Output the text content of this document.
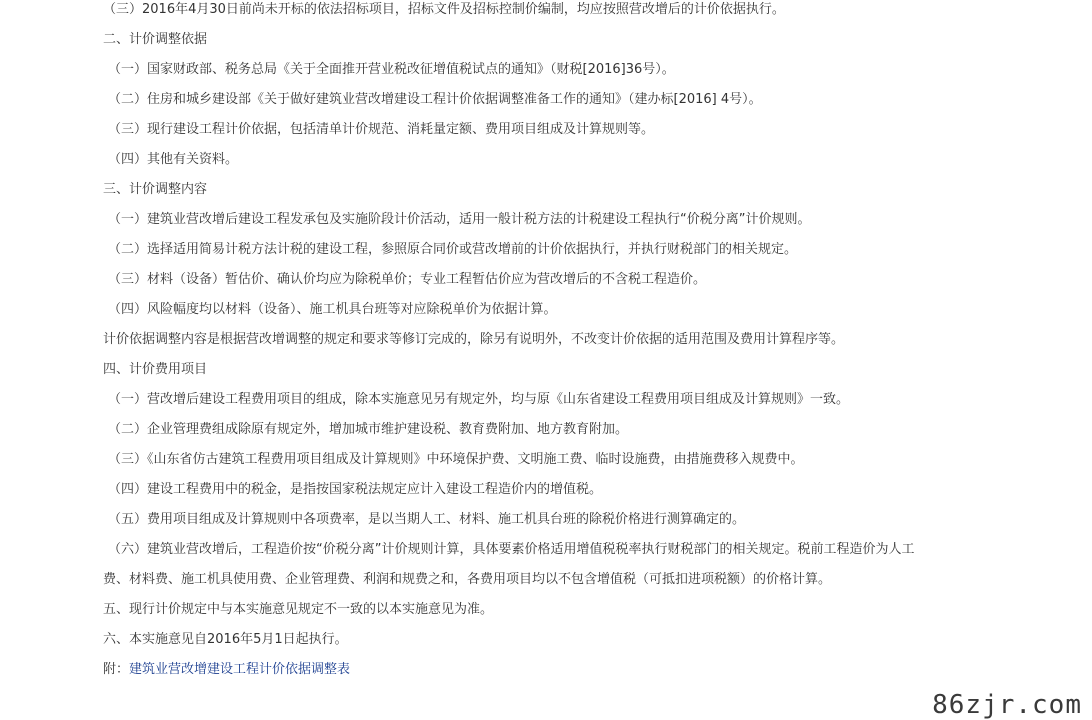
（三）2016年4月30日前尚未开标的依法招标项目，招标文件及招标控制价编制，均应按照营改增后的计价依据执行。
二、计价调整依据
（一）国家财政部、税务总局《关于全面推开营业税改征增值税试点的通知》（财税[2016]36号）。
（二）住房和城乡建设部《关于做好建筑业营改增建设工程计价依据调整准备工作的通知》（建办标[2016] 4号）。
（三）现行建设工程计价依据，包括清单计价规范、消耗量定额、费用项目组成及计算规则等。
（四）其他有关资料。
三、计价调整内容
（一）建筑业营改增后建设工程发承包及实施阶段计价活动，适用一般计税方法的计税建设工程执行“价税分离”计价规则。
（二）选择适用简易计税方法计税的建设工程，参照原合同价或营改增前的计价依据执行，并执行财税部门的相关规定。
（三）材料（设备）暂估价、确认价均应为除税单价；专业工程暂估价应为营改增后的不含税工程造价。
（四）风险幅度均以材料（设备）、施工机具台班等对应除税单价为依据计算。
计价依据调整内容是根据营改增调整的规定和要求等修订完成的，除另有说明外，不改变计价依据的适用范围及费用计算程序等。
四、计价费用项目
（一）营改增后建设工程费用项目的组成，除本实施意见另有规定外，均与原《山东省建设工程费用项目组成及计算规则》一致。
（二）企业管理费组成除原有规定外，增加城市维护建设税、教育费附加、地方教育附加。
（三）《山东省仿古建筑工程费用项目组成及计算规则》中环境保护费、文明施工费、临时设施费，由措施费移入规费中。
（四）建设工程费用中的税金，是指按国家税法规定应计入建设工程造价内的增值税。
（五）费用项目组成及计算规则中各项费率，是以当期人工、材料、施工机具台班的除税价格进行测算确定的。
（六）建筑业营改增后，工程造价按“价税分离”计价规则计算，具体要素价格适用增值税税率执行财税部门的相关规定。税前工程造价为人工
费、材料费、施工机具使用费、企业管理费、利润和规费之和，各费用项目均以不包含增值税（可抵扣进项税额）的价格计算。
五、现行计价规定中与本实施意见规定不一致的以本实施意见为准。
六、本实施意见自2016年5月1日起执行。
附：建筑业营改增建设工程计价依据调整表
86zjr.com
